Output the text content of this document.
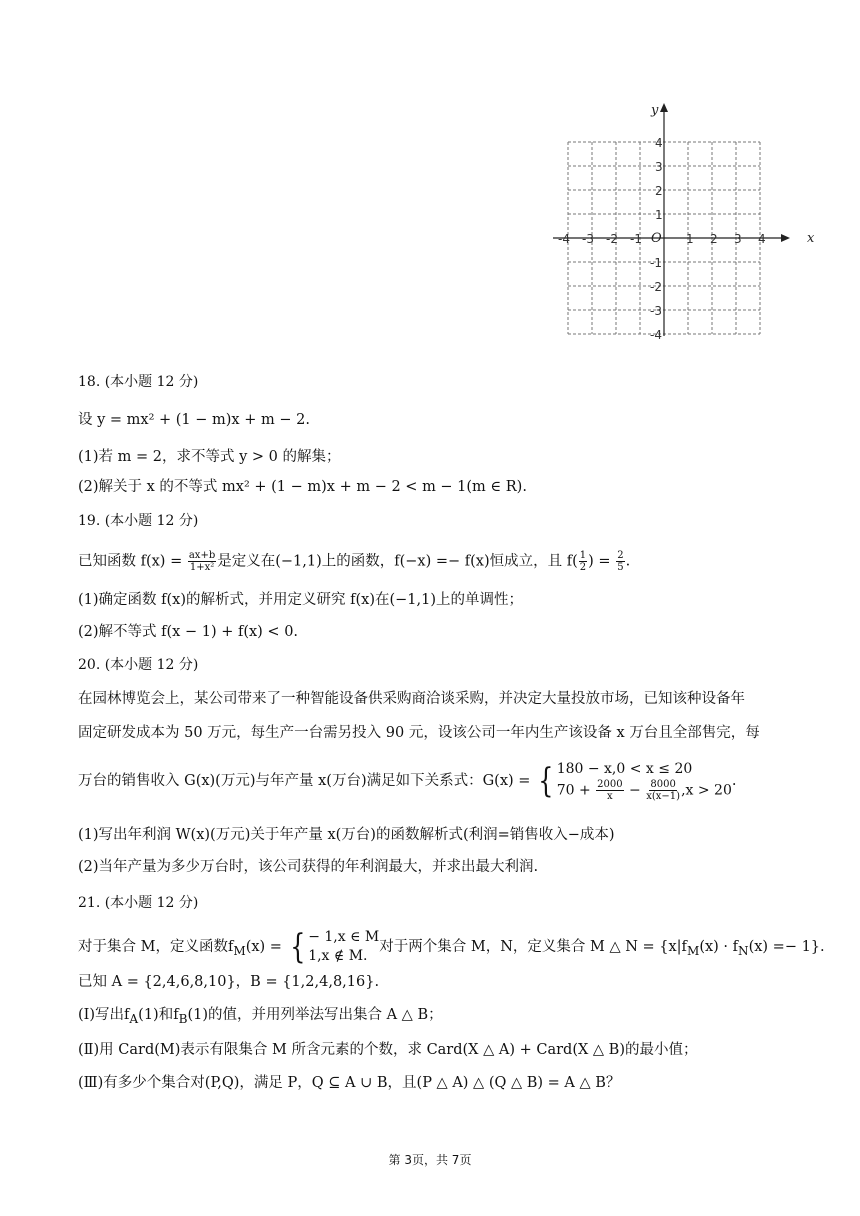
x
y
O
-4 -3 -2 -1	1 2 3 4
4
3
2
1
-1
-2
-3
-4
18. (本小题 12 分)
设 y = mx² + (1 − m)x + m − 2.
(1)若 m = 2，求不等式 y > 0 的解集；
(2)解关于 x 的不等式 mx² + (1 − m)x + m − 2 < m − 1(m ∈ R).
19. (本小题 12 分)
已知函数 $f(x) = \frac{ax+b}{\text{1+x²}}$ 是定义在(−1,1)上的函数，f(−x) =− f(x)恒成立，且 $f( \frac{1}{2}$ ) = $\frac{2}{5}$ .
(1)确定函数 f(x)的解析式，并用定义研究 f(x)在(−1,1)上的单调性；
(2)解不等式 f(x − 1) + f(x) < 0.
20. (本小题 12 分)
在园林博览会上，某公司带来了一种智能设备供采购商洽谈采购，并决定大量投放市场，已知该种设备年
固定研发成本为 50 万元，每生产一台需另投入 90 元，设该公司一年内生产该设备 x 万台且全部售完，每
万台的销售收入 G(x)(万元)与年产量 x(万台)满足如下关系式：G(x) = { 180 − x,0 < x ≤ 20
$70 + \frac{2000}{x} - \frac{8000}{x(x-1)} ,x > 20$
.
(1)写出年利润 W(x)(万元)关于年产量 x(万台)的函数解析式(利润=销售收入−成本)
(2)当年产量为多少万台时，该公司获得的年利润最大，并求出最大利润.
21. (本小题 12 分)
对于集合 M，定义函数$f_M(x)$ = { − 1,x ∈ M
1,x ∉ M.
对于两个集合 M，N，定义集合 M △ $N = \{x|f_M(x) \cdot f_N(x) =- 1\}$.
已知 A = {2,4,6,8,10}，B = {1,2,4,8,16}.
(Ⅰ)写出$f_A(1)$和$f_B(1)$的值，并用列举法写出集合 A △ B；
(Ⅱ)用 Card(M)表示有限集合 M 所含元素的个数，求 Card(X △ A) + Card(X △ B)的最小值；
(Ⅲ)有多少个集合对(P,Q)，满足 P，Q ⊆ A ∪ B，且(P △ A) △ (Q △ B) = A △ B？
第 3页，共 7页
